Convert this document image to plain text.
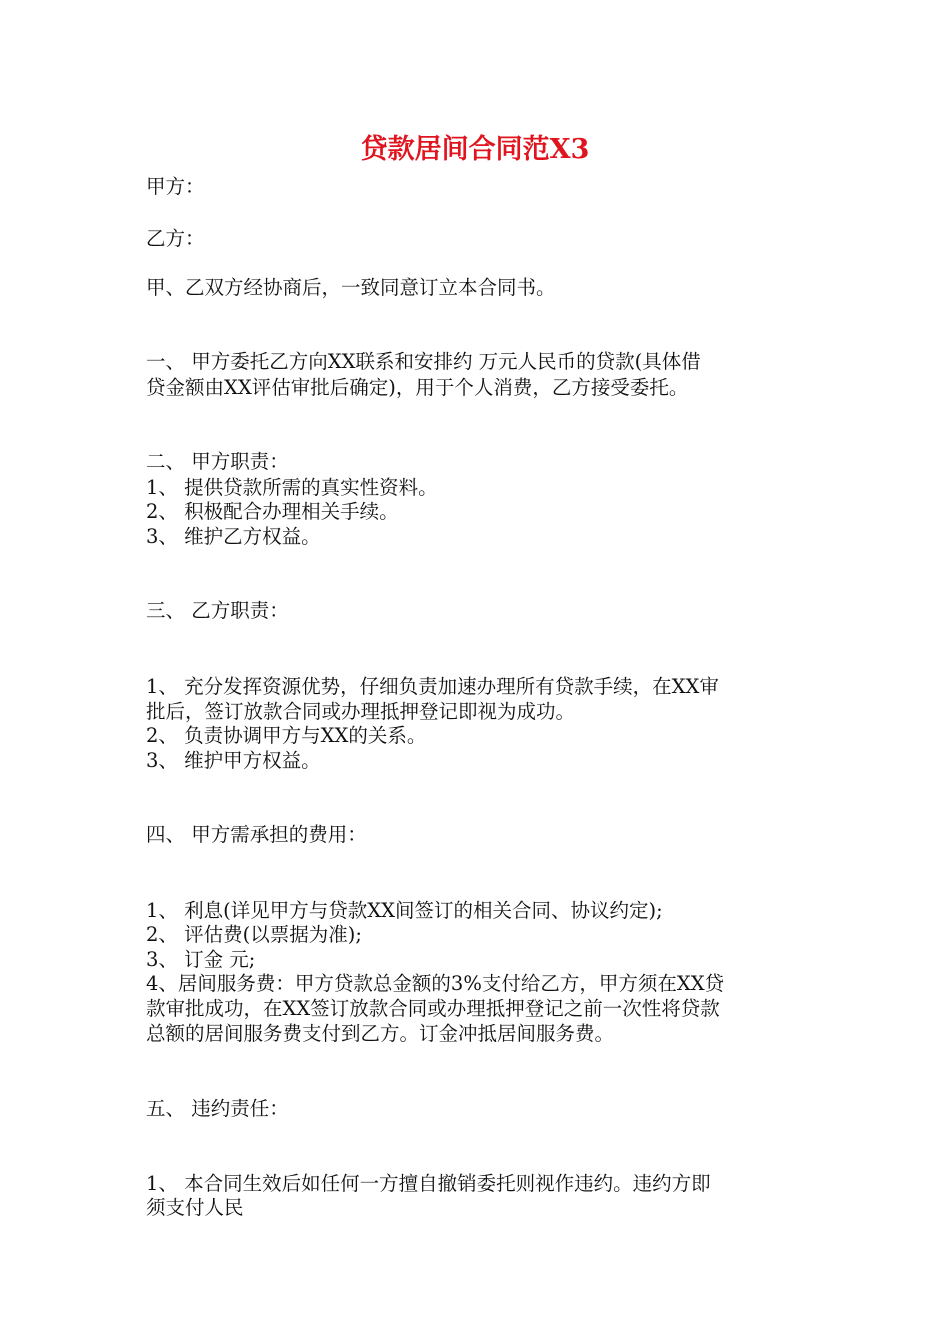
贷款居间合同范X3

甲方：

乙方：

甲、乙双方经协商后，一致同意订立本合同书。

一、 甲方委托乙方向XX联系和安排约 万元人民币的贷款(具体借

贷金额由XX评估审批后确定)，用于个人消费，乙方接受委托。

二、 甲方职责：

1、 提供贷款所需的真实性资料。

2、 积极配合办理相关手续。

3、 维护乙方权益。

三、 乙方职责：

1、 充分发挥资源优势，仔细负责加速办理所有贷款手续，在XX审

批后，签订放款合同或办理抵押登记即视为成功。

2、 负责协调甲方与XX的关系。

3、 维护甲方权益。

四、 甲方需承担的费用：

1、 利息(详见甲方与贷款XX间签订的相关合同、协议约定);

2、 评估费(以票据为准);

3、 订金 元;

4、居间服务费：甲方贷款总金额的3%支付给乙方，甲方须在XX贷

款审批成功，在XX签订放款合同或办理抵押登记之前一次性将贷款

总额的居间服务费支付到乙方。订金冲抵居间服务费。

五、 违约责任：

1、 本合同生效后如任何一方擅自撤销委托则视作违约。违约方即

须支付人民
